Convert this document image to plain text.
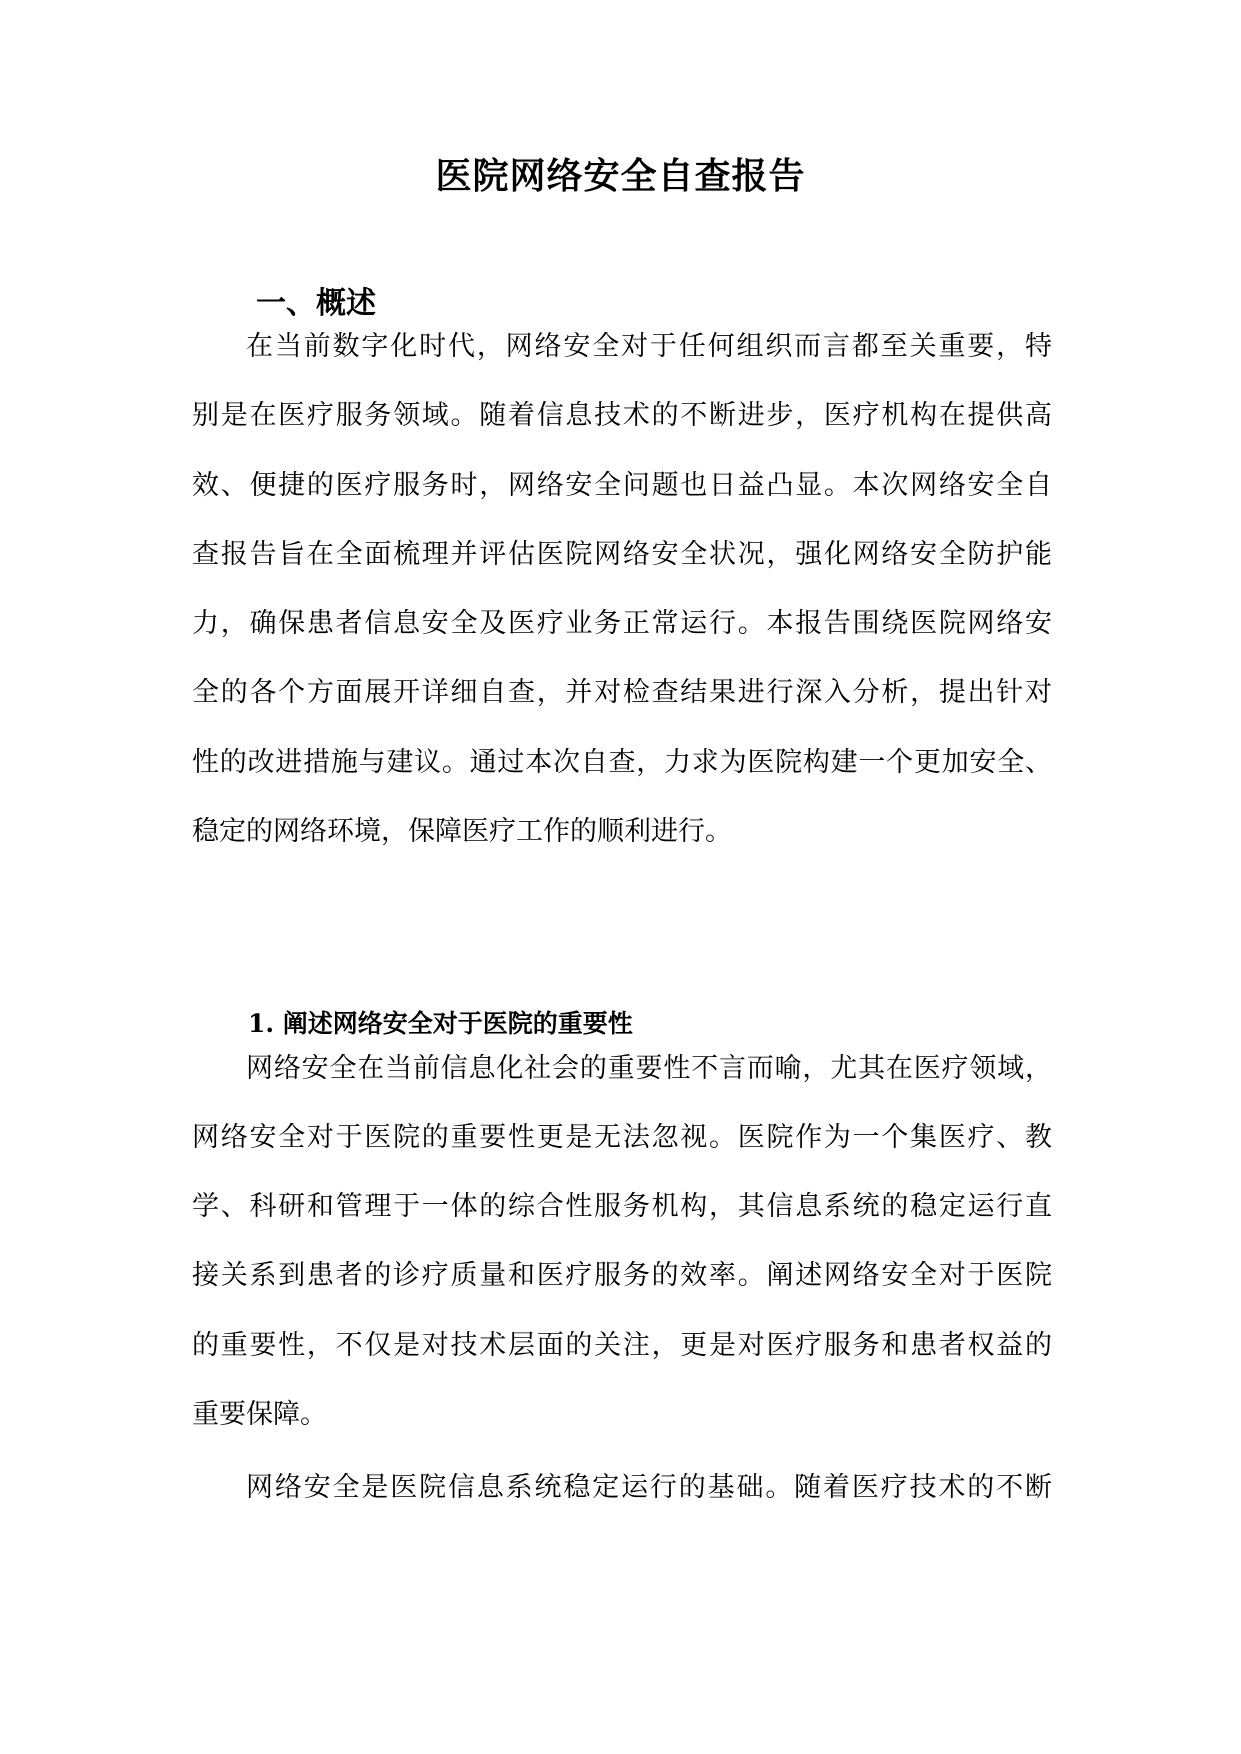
医院网络安全自查报告
一、概述
在当前数字化时代，网络安全对于任何组织而言都至关重要，特
别是在医疗服务领域。随着信息技术的不断进步，医疗机构在提供高
效、便捷的医疗服务时，网络安全问题也日益凸显。本次网络安全自
查报告旨在全面梳理并评估医院网络安全状况，强化网络安全防护能
力，确保患者信息安全及医疗业务正常运行。本报告围绕医院网络安
全的各个方面展开详细自查，并对检查结果进行深入分析，提出针对
性的改进措施与建议。通过本次自查，力求为医院构建一个更加安全、
稳定的网络环境，保障医疗工作的顺利进行。
1. 阐述网络安全对于医院的重要性
网络安全在当前信息化社会的重要性不言而喻，尤其在医疗领域，
网络安全对于医院的重要性更是无法忽视。医院作为一个集医疗、教
学、科研和管理于一体的综合性服务机构，其信息系统的稳定运行直
接关系到患者的诊疗质量和医疗服务的效率。阐述网络安全对于医院
的重要性，不仅是对技术层面的关注，更是对医疗服务和患者权益的
重要保障。
网络安全是医院信息系统稳定运行的基础。随着医疗技术的不断
